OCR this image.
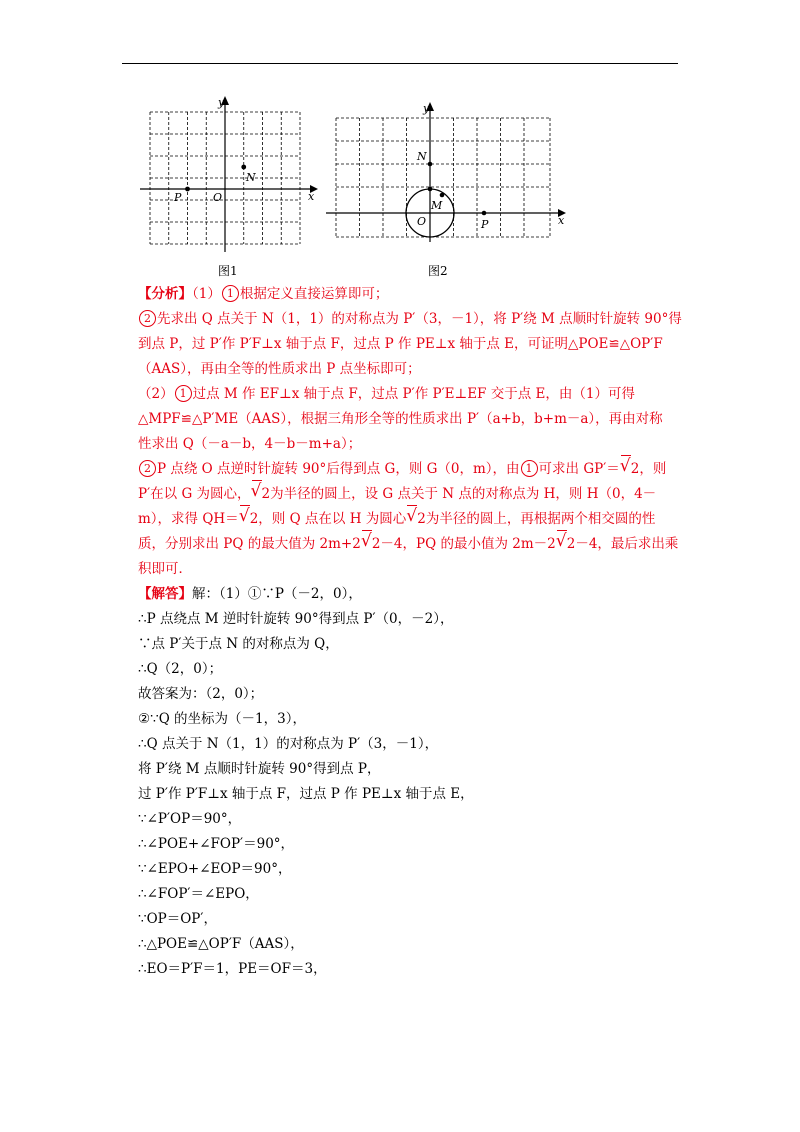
y
x
O
P
N
图1
y
x
O	P
N
M
图2
【分析】（1） 1 根据定义直接运算即可；
2 先求出 Q 点关于 N（1，1）的对称点为 P′（3，－1），将 P′绕 M 点顺时针旋转 90°得
到点 P，过 P′作 P′F⊥x 轴于点 F，过点 P 作 PE⊥x 轴于点 E，可证明△POE≌△OP′F
（AAS），再由全等的性质求出 P 点坐标即可；
（2） 1 过点 M 作 EF⊥x 轴于点 F，过点 P′作 P′E⊥EF 交于点 E，由（1）可得
△MPF≌△P′ME（AAS），根据三角形全等的性质求出 P′（a+b，b+m－a），再由对称
性求出 Q（－a－b，4－b－m+a）；
2 P 点绕 O 点逆时针旋转 90°后得到点 G，则 G（0，m），由 1 可求出 GP′＝ √ 2，则
P′在以 G 为圆心， √ 2为半径的圆上，设 G 点关于 N 点的对称点为 H，则 H（0，4－
m），求得 QH＝ √ 2，则 Q 点在以 H 为圆心 √ 2为半径的圆上，再根据两个相交圆的性
质，分别求出 PQ 的最大值为 2m+2 √ 2－4，PQ 的最小值为 2m－2 √ 2－4，最后求出乘
积即可．
【解答】解：（1）①∵P（－2，0），
∴P 点绕点 M 逆时针旋转 90°得到点 P′（0，－2），
∵点 P′关于点 N 的对称点为 Q，
∴Q（2，0）；
故答案为：（2，0）；
②∵Q 的坐标为（－1，3），
∴Q 点关于 N（1，1）的对称点为 P′（3，－1），
将 P′绕 M 点顺时针旋转 90°得到点 P，
过 P′作 P′F⊥x 轴于点 F，过点 P 作 PE⊥x 轴于点 E，
∵∠P′OP＝90°，
∴∠POE+∠FOP′＝90°，
∵∠EPO+∠EOP＝90°，
∴∠FOP′＝∠EPO，
∵OP＝OP′，
∴△POE≌△OP′F（AAS），
∴EO＝P′F＝1，PE＝OF＝3，
